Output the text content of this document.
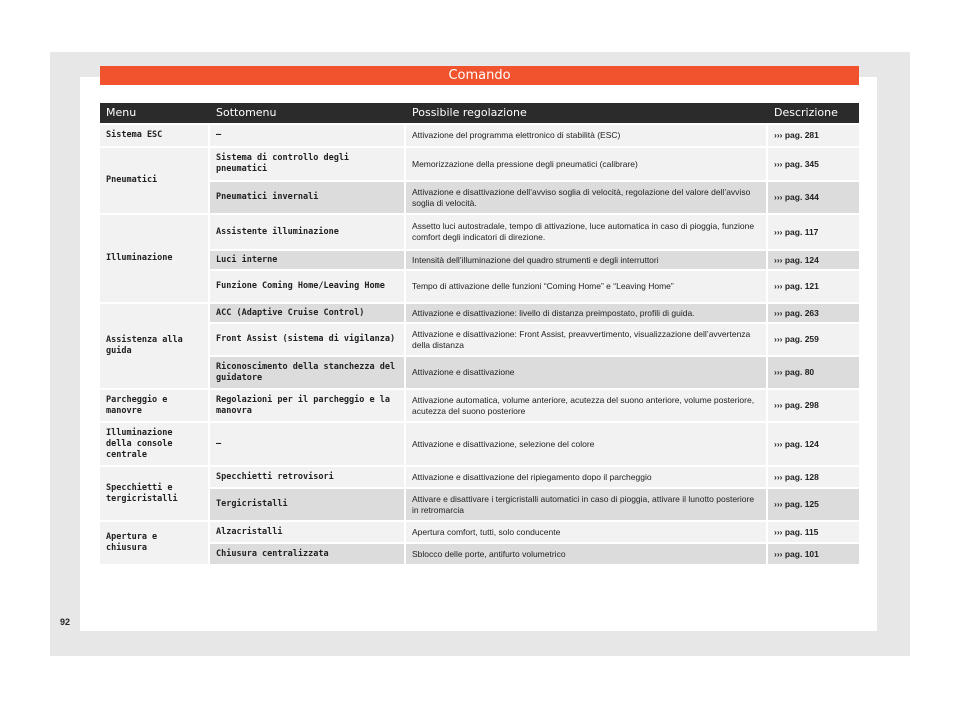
Comando
Menu	Sottomenu	Possibile regolazione	Descrizione
Sistema ESC	–	Attivazione del programma elettronico di stabilità (ESC)	››› pag. 281
Pneumatici	Sistema di controllo degli pneumatici	Memorizzazione della pressione degli pneumatici (calibrare)	››› pag. 345
	Pneumatici invernali	Attivazione e disattivazione dell’avviso soglia di velocità, regolazione del valore dell’avviso soglia di velocità.	››› pag. 344
Illuminazione	Assistente illuminazione	Assetto luci autostradale, tempo di attivazione, luce automatica in caso di pioggia, funzione comfort degli indicatori di direzione.	››› pag. 117
	Luci interne	Intensità dell’illuminazione del quadro strumenti e degli interruttori	››› pag. 124
	Funzione Coming Home/Leaving Home	Tempo di attivazione delle funzioni “Coming Home” e “Leaving Home”	››› pag. 121
Assistenza alla guida	ACC (Adaptive Cruise Control)	Attivazione e disattivazione: livello di distanza preimpostato, profili di guida.	››› pag. 263
	Front Assist (sistema di vigilanza)	Attivazione e disattivazione: Front Assist, preavvertimento, visualizzazione dell’avvertenza della distanza	››› pag. 259
	Riconoscimento della stanchezza del guidatore	Attivazione e disattivazione	››› pag. 80
Parcheggio e manovre	Regolazioni per il parcheggio e la manovra	Attivazione automatica, volume anteriore, acutezza del suono anteriore, volume posteriore, acutezza del suono posteriore	››› pag. 298
Illuminazione della console centrale	–	Attivazione e disattivazione, selezione del colore	››› pag. 124
Specchietti e tergicristalli	Specchietti retrovisori	Attivazione e disattivazione del ripiegamento dopo il parcheggio	››› pag. 128
	Tergicristalli	Attivare e disattivare i tergicristalli automatici in caso di pioggia, attivare il lunotto posteriore in retromarcia	››› pag. 125
Apertura e chiusura	Alzacristalli	Apertura comfort, tutti, solo conducente	››› pag. 115
	Chiusura centralizzata	Sblocco delle porte, antifurto volumetrico	››› pag. 101
92
